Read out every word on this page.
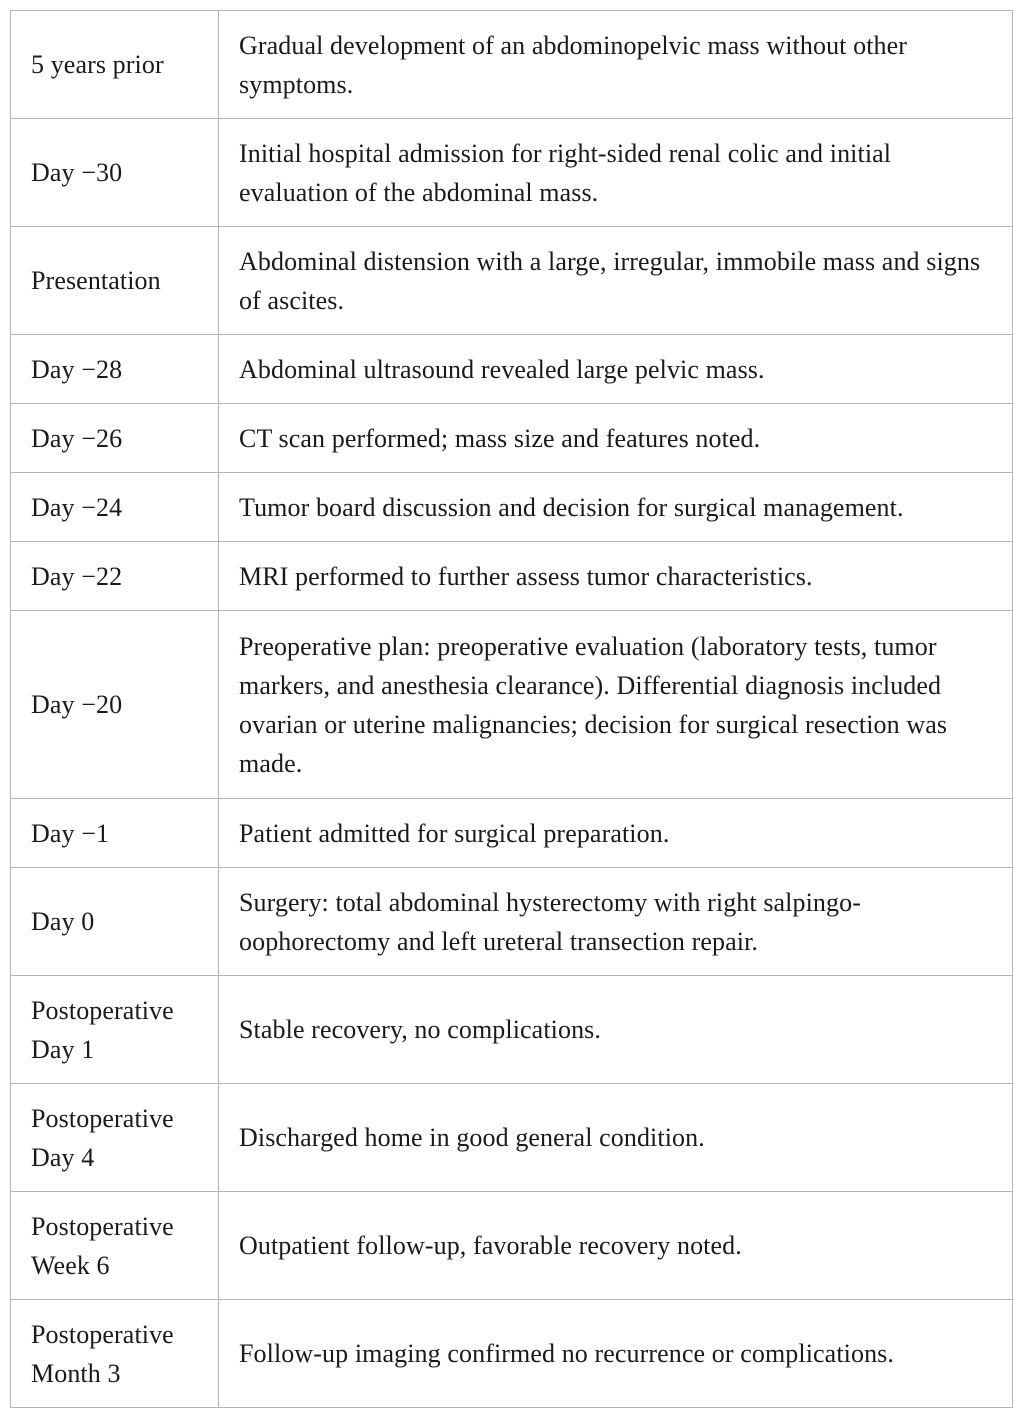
5 years prior	Gradual development of an abdominopelvic mass without other symptoms.
Day −30	Initial hospital admission for right-sided renal colic and initial evaluation of the abdominal mass.
Presentation	Abdominal distension with a large, irregular, immobile mass and signs of ascites.
Day −28	Abdominal ultrasound revealed large pelvic mass.
Day −26	CT scan performed; mass size and features noted.
Day −24	Tumor board discussion and decision for surgical management.
Day −22	MRI performed to further assess tumor characteristics.
Day −20	Preoperative plan: preoperative evaluation (laboratory tests, tumor markers, and anesthesia clearance). Differential diagnosis included ovarian or uterine malignancies; decision for surgical resection was made.
Day −1	Patient admitted for surgical preparation.
Day 0	Surgery: total abdominal hysterectomy with right salpingo-oophorectomy and left ureteral transection repair.
Postoperative Day 1	Stable recovery, no complications.
Postoperative Day 4	Discharged home in good general condition.
Postoperative Week 6	Outpatient follow-up, favorable recovery noted.
Postoperative Month 3	Follow-up imaging confirmed no recurrence or complications.
